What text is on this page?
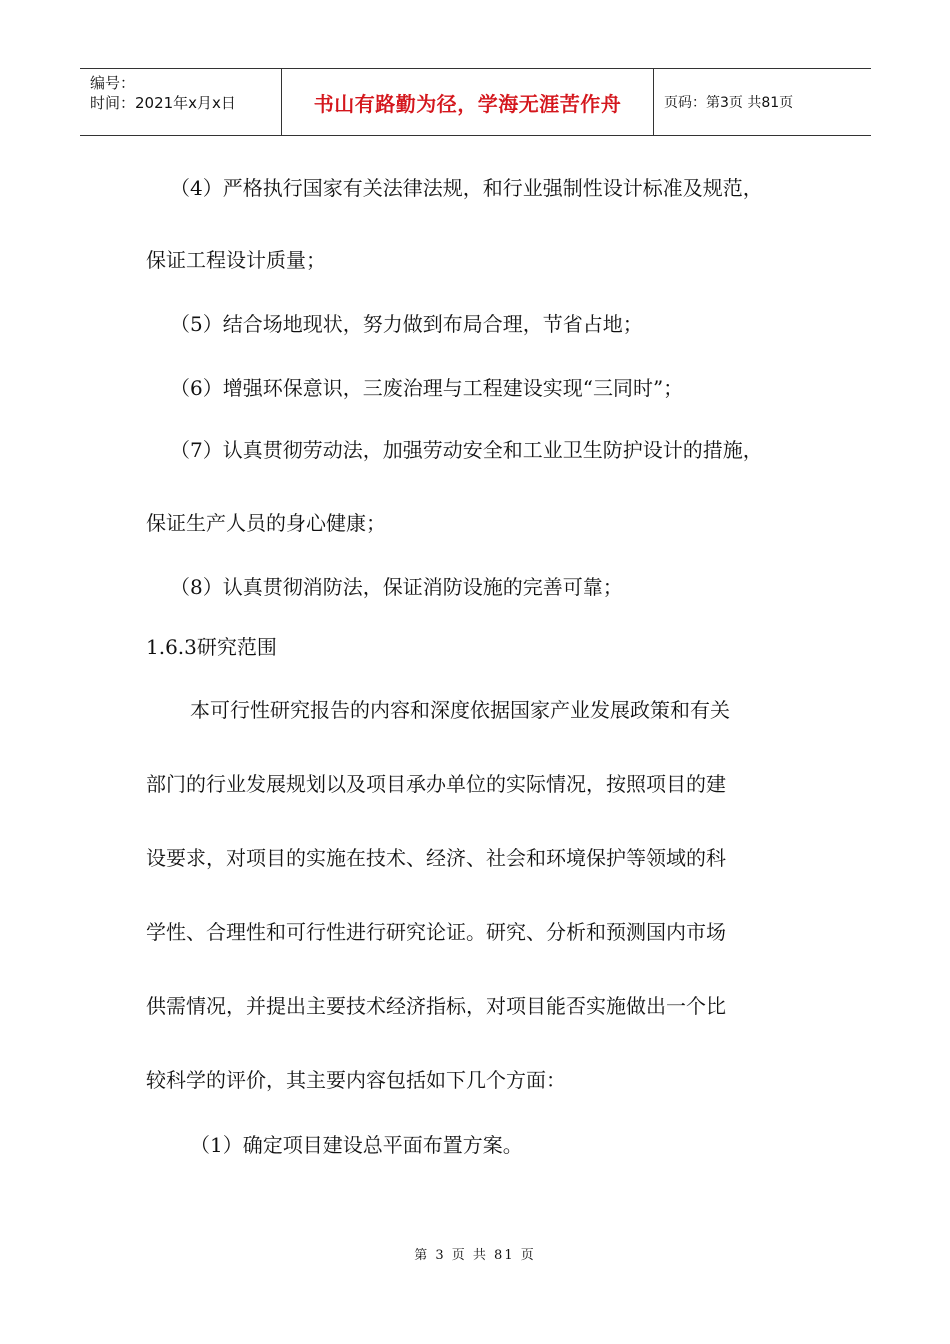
编号：
时间：2021年x月x日	书山有路勤为径，学海无涯苦作舟	页码：第3页 共81页
（4）严格执行国家有关法律法规，和行业强制性设计标准及规范，
保证工程设计质量；
（5）结合场地现状，努力做到布局合理，节省占地；
（6）增强环保意识，三废治理与工程建设实现“三同时”；
（7）认真贯彻劳动法，加强劳动安全和工业卫生防护设计的措施，
保证生产人员的身心健康；
（8）认真贯彻消防法，保证消防设施的完善可靠；
1.6.3研究范围
本可行性研究报告的内容和深度依据国家产业发展政策和有关
部门的行业发展规划以及项目承办单位的实际情况，按照项目的建
设要求，对项目的实施在技术、经济、社会和环境保护等领域的科
学性、合理性和可行性进行研究论证。研究、分析和预测国内市场
供需情况，并提出主要技术经济指标，对项目能否实施做出一个比
较科学的评价，其主要内容包括如下几个方面：
（1）确定项目建设总平面布置方案。
第 3 页 共 81 页
